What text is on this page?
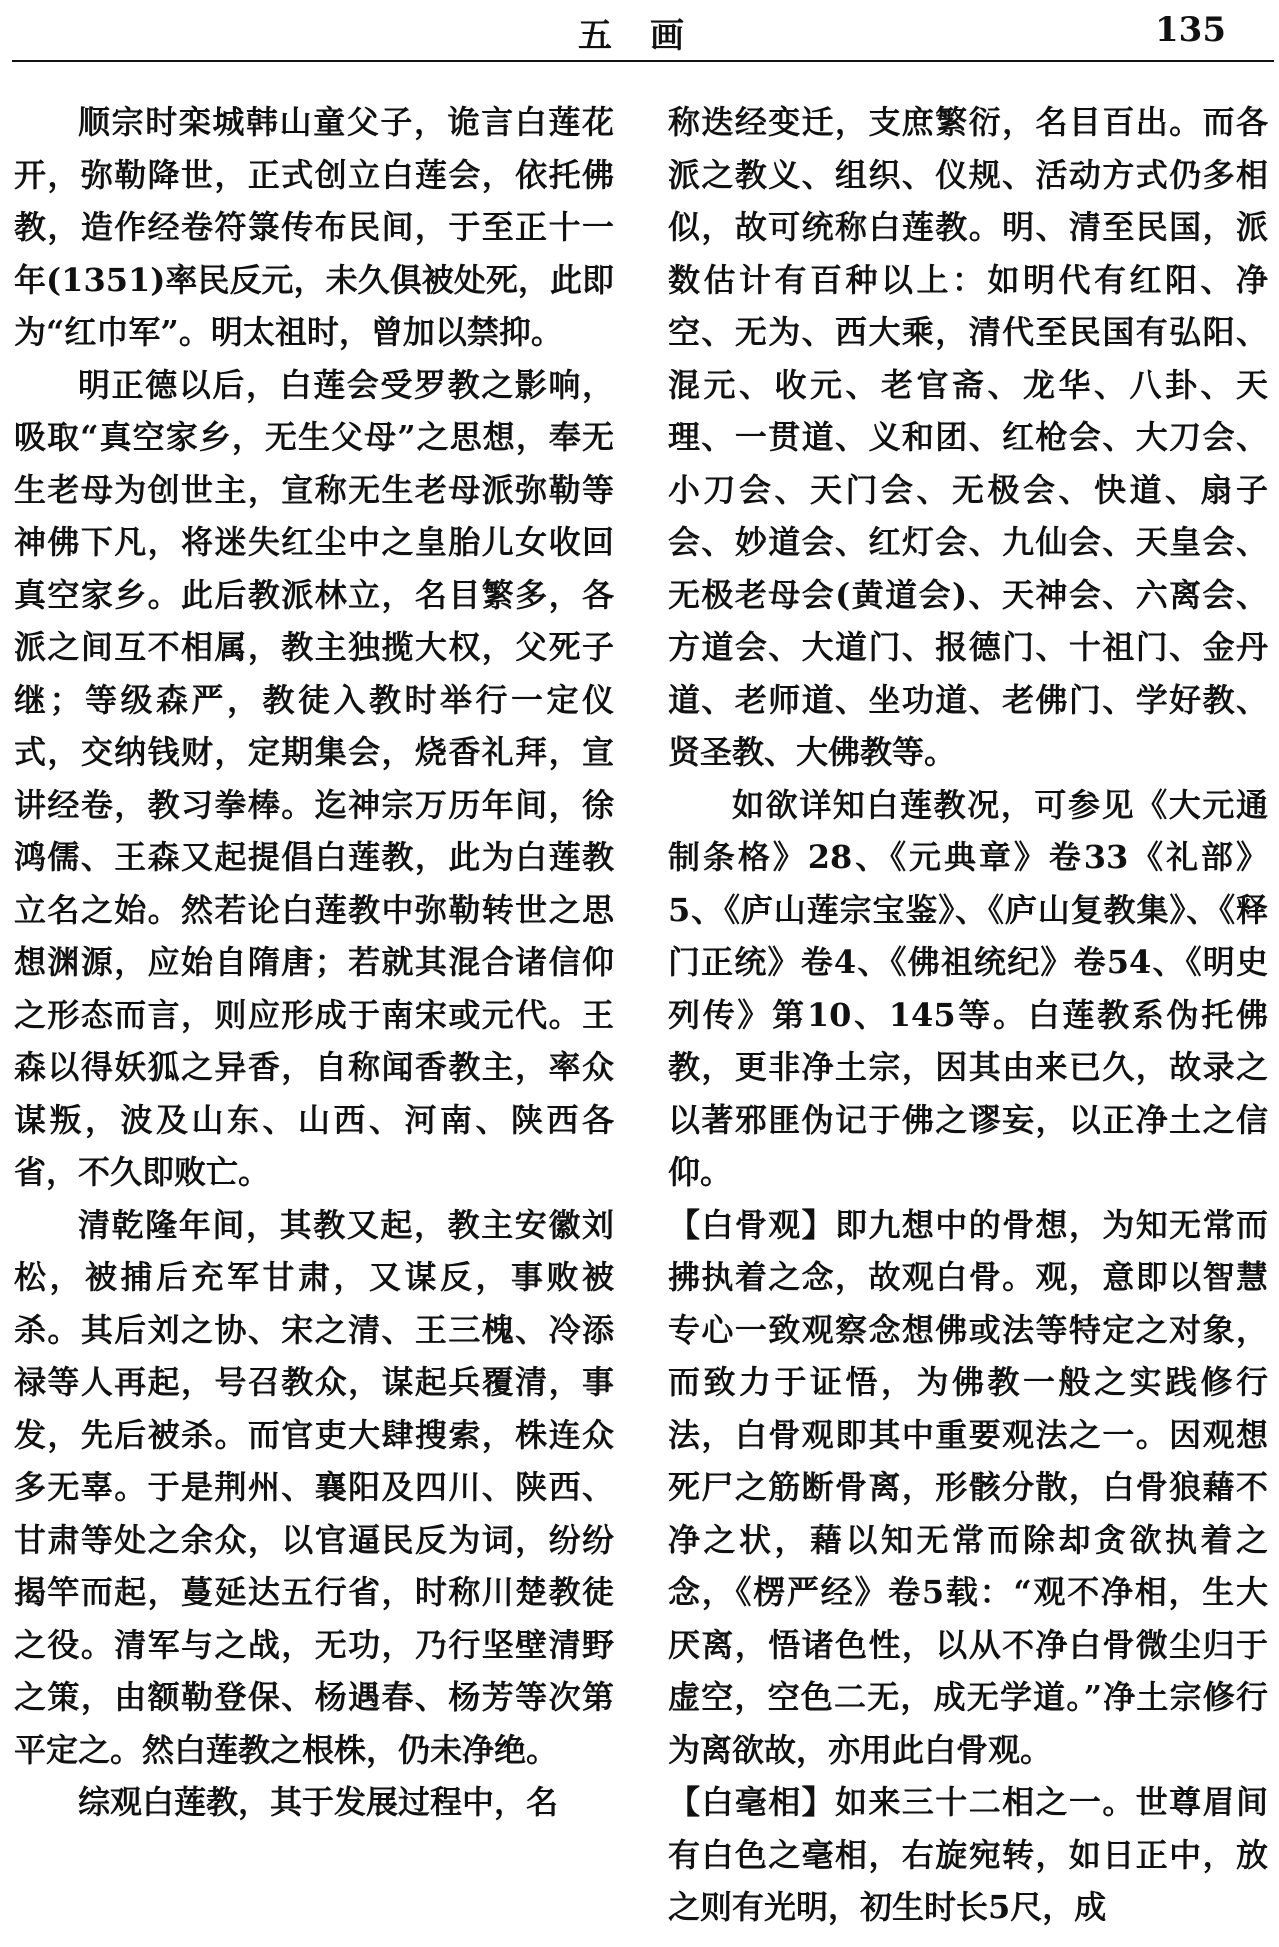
五画	135

顺宗时栾城韩山童父子，诡言白莲花开，弥勒降世，正式创立白莲会，依托佛教，造作经卷符箓传布民间，于至正十一年(1351)率民反元，未久俱被处死，此即为“红巾军”。明太祖时，曾加以禁抑。

明正德以后，白莲会受罗教之影响，吸取“真空家乡，无生父母”之思想，奉无生老母为创世主，宣称无生老母派弥勒等神佛下凡，将迷失红尘中之皇胎儿女收回真空家乡。此后教派林立，名目繁多，各派之间互不相属，教主独揽大权，父死子继；等级森严，教徒入教时举行一定仪式，交纳钱财，定期集会，烧香礼拜，宣讲经卷，教习拳棒。迄神宗万历年间，徐鸿儒、王森又起提倡白莲教，此为白莲教立名之始。然若论白莲教中弥勒转世之思想渊源，应始自隋唐；若就其混合诸信仰之形态而言，则应形成于南宋或元代。王森以得妖狐之异香，自称闻香教主，率众谋叛，波及山东、山西、河南、陕西各省，不久即败亡。

清乾隆年间，其教又起，教主安徽刘松，被捕后充军甘肃，又谋反，事败被杀。其后刘之协、宋之清、王三槐、冷添禄等人再起，号召教众，谋起兵覆清，事发，先后被杀。而官吏大肆搜索，株连众多无辜。于是荆州、襄阳及四川、陕西、甘肃等处之余众，以官逼民反为词，纷纷揭竿而起，蔓延达五行省，时称川楚教徒之役。清军与之战，无功，乃行坚壁清野之策，由额勒登保、杨遇春、杨芳等次第平定之。然白莲教之根株，仍未净绝。

综观白莲教，其于发展过程中，名

称迭经变迁，支庶繁衍，名目百出。而各派之教义、组织、仪规、活动方式仍多相似，故可统称白莲教。明、清至民国，派数估计有百种以上：如明代有红阳、净空、无为、西大乘，清代至民国有弘阳、混元、收元、老官斋、龙华、八卦、天理、一贯道、义和团、红枪会、大刀会、小刀会、天门会、无极会、快道、扇子会、妙道会、红灯会、九仙会、天皇会、无极老母会(黄道会)、天神会、六离会、方道会、大道门、报德门、十祖门、金丹道、老师道、坐功道、老佛门、学好教、贤圣教、大佛教等。

如欲详知白莲教况，可参见《大元通制条格》28、《元典章》卷33《礼部》5、《庐山莲宗宝鉴》、《庐山复教集》、《释门正统》卷4、《佛祖统纪》卷54、《明史列传》第10、145等。白莲教系伪托佛教，更非净土宗，因其由来已久，故录之以著邪匪伪记于佛之谬妄，以正净土之信仰。

【白骨观】即九想中的骨想，为知无常而拂执着之念，故观白骨。观，意即以智慧专心一致观察念想佛或法等特定之对象，而致力于证悟，为佛教一般之实践修行法，白骨观即其中重要观法之一。因观想死尸之筋断骨离，形骸分散，白骨狼藉不净之状，藉以知无常而除却贪欲执着之念，《楞严经》卷5载：“观不净相，生大厌离，悟诸色性，以从不净白骨微尘归于虚空，空色二无，成无学道。”净土宗修行为离欲故，亦用此白骨观。

【白毫相】如来三十二相之一。世尊眉间有白色之毫相，右旋宛转，如日正中，放之则有光明，初生时长5尺，成
